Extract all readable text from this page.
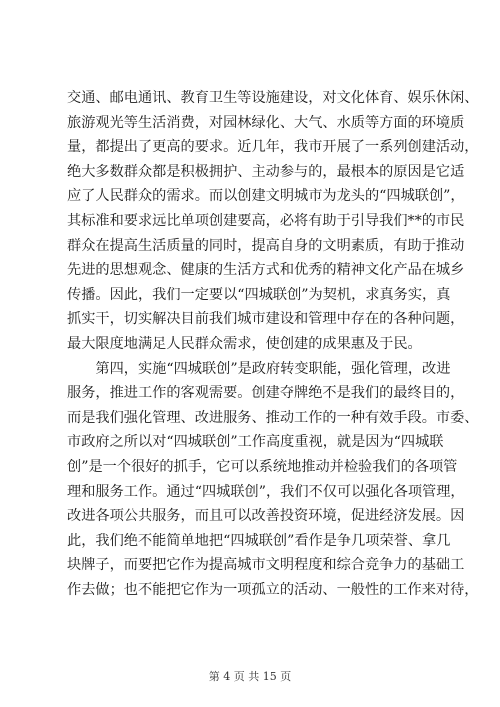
交通、邮电通讯、教育卫生等设施建设，对文化体育、娱乐休闲、
旅游观光等生活消费，对园林绿化、大气、水质等方面的环境质
量，都提出了更高的要求。近几年，我市开展了一系列创建活动，
绝大多数群众都是积极拥护、主动参与的，最根本的原因是它适
应了人民群众的需求。而以创建文明城市为龙头的“四城联创”，
其标准和要求远比单项创建要高，必将有助于引导我们**的市民
群众在提高生活质量的同时，提高自身的文明素质，有助于推动
先进的思想观念、健康的生活方式和优秀的精神文化产品在城乡
传播。因此，我们一定要以“四城联创”为契机，求真务实，真
抓实干，切实解决目前我们城市建设和管理中存在的各种问题，
最大限度地满足人民群众需求，使创建的成果惠及于民。
　　第四，实施“四城联创”是政府转变职能，强化管理，改进
服务，推进工作的客观需要。创建夺牌绝不是我们的最终目的，
而是我们强化管理、改进服务、推动工作的一种有效手段。市委、
市政府之所以对“四城联创”工作高度重视，就是因为“四城联
创”是一个很好的抓手，它可以系统地推动并检验我们的各项管
理和服务工作。通过“四城联创”，我们不仅可以强化各项管理，
改进各项公共服务，而且可以改善投资环境，促进经济发展。因
此，我们绝不能简单地把“四城联创”看作是争几项荣誉、拿几
块牌子，而要把它作为提高城市文明程度和综合竞争力的基础工
作去做；也不能把它作为一项孤立的活动、一般性的工作来对待，
第 4 页 共 15 页
